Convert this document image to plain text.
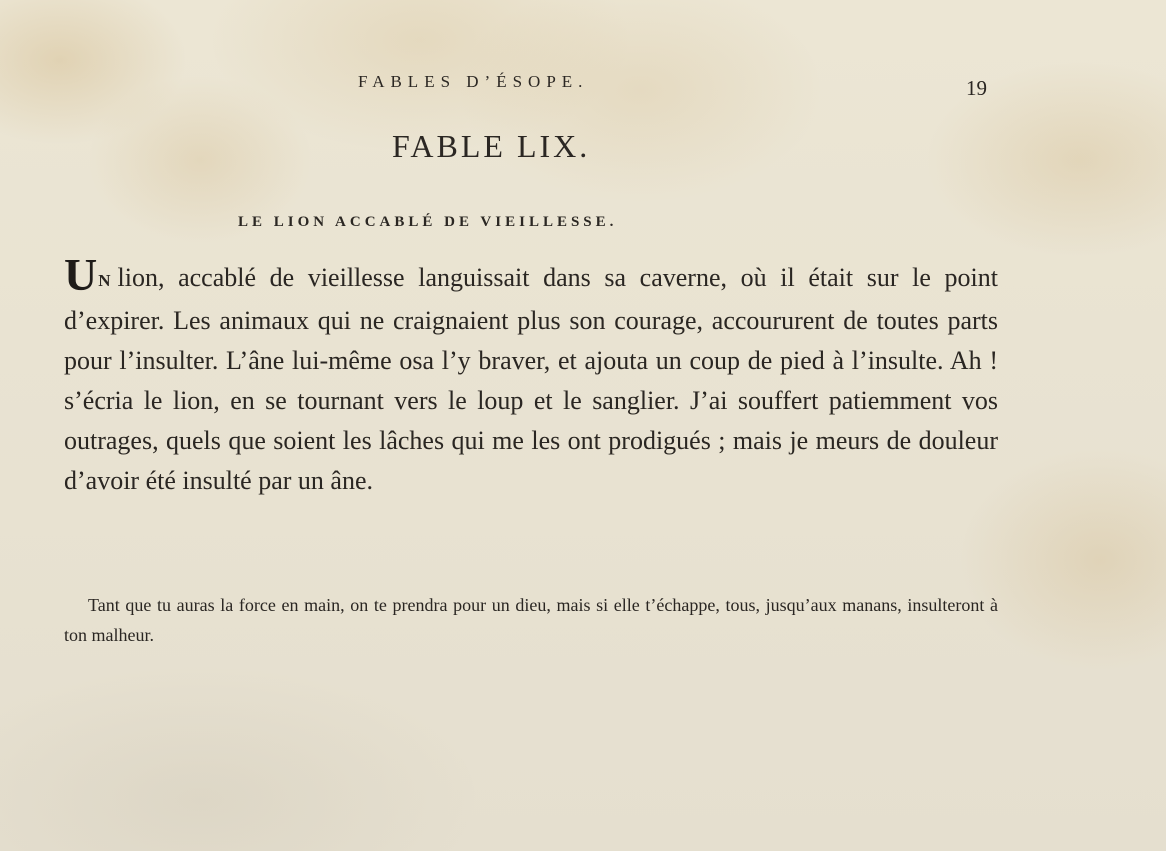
FABLES D’ÉSOPE.	19
FABLE LIX.
LE LION ACCABLÉ DE VIEILLESSE.
UN lion, accablé de vieillesse languissait dans sa caverne, où il était sur le point d’expirer. Les animaux qui ne craignaient plus son courage, accoururent de toutes parts pour l’insulter. L’âne lui-même osa l’y braver, et ajouta un coup de pied à l’insulte. Ah ! s’écria le lion, en se tournant vers le loup et le sanglier. J’ai souffert patiemment vos outrages, quels que soient les lâches qui me les ont prodigués ; mais je meurs de douleur d’avoir été insulté par un âne.
Tant que tu auras la force en main, on te prendra pour un dieu, mais si elle t’échappe, tous, jusqu’aux manans, insulteront à ton malheur.
